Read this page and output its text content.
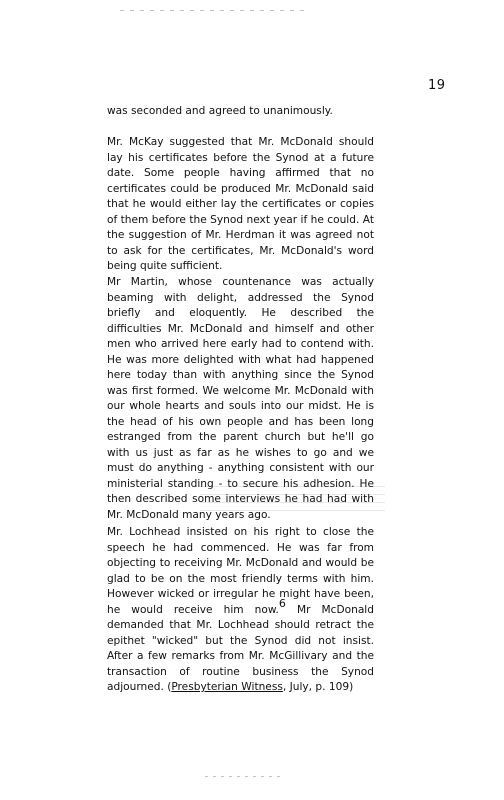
19

was seconded and agreed to unanimously.

Mr. McKay suggested that Mr. McDonald should lay his certificates before the Synod at a future date. Some people having affirmed that no certificates could be produced Mr. McDonald said that he would either lay the certificates or copies of them before the Synod next year if he could. At the suggestion of Mr. Herdman it was agreed not to ask for the certificates, Mr. McDonald's word being quite sufficient.

Mr Martin, whose countenance was actually beaming with delight, addressed the Synod briefly and eloquently. He described the difficulties Mr. McDonald and himself and other men who arrived here early had to contend with. He was more delighted with what had happened here today than with anything since the Synod was first formed. We welcome Mr. McDonald with our whole hearts and souls into our midst. He is the head of his own people and has been long estranged from the parent church but he'll go with us just as far as he wishes to go and we must do anything - anything consistent with our ministerial standing - to secure his adhesion. He then described some interviews he had had with Mr. McDonald many years ago.

Mr. Lochhead insisted on his right to close the speech he had commenced. He was far from objecting to receiving Mr. McDonald and would be glad to be on the most friendly terms with him. However wicked or irregular he might have been, he would receive him now.$^6$ Mr McDonald demanded that Mr. Lochhead should retract the epithet "wicked" but the Synod did not insist. After a few remarks from Mr. McGillivary and the transaction of routine business the Synod adjourned. (Presbyterian Witness, July, p. 109)
